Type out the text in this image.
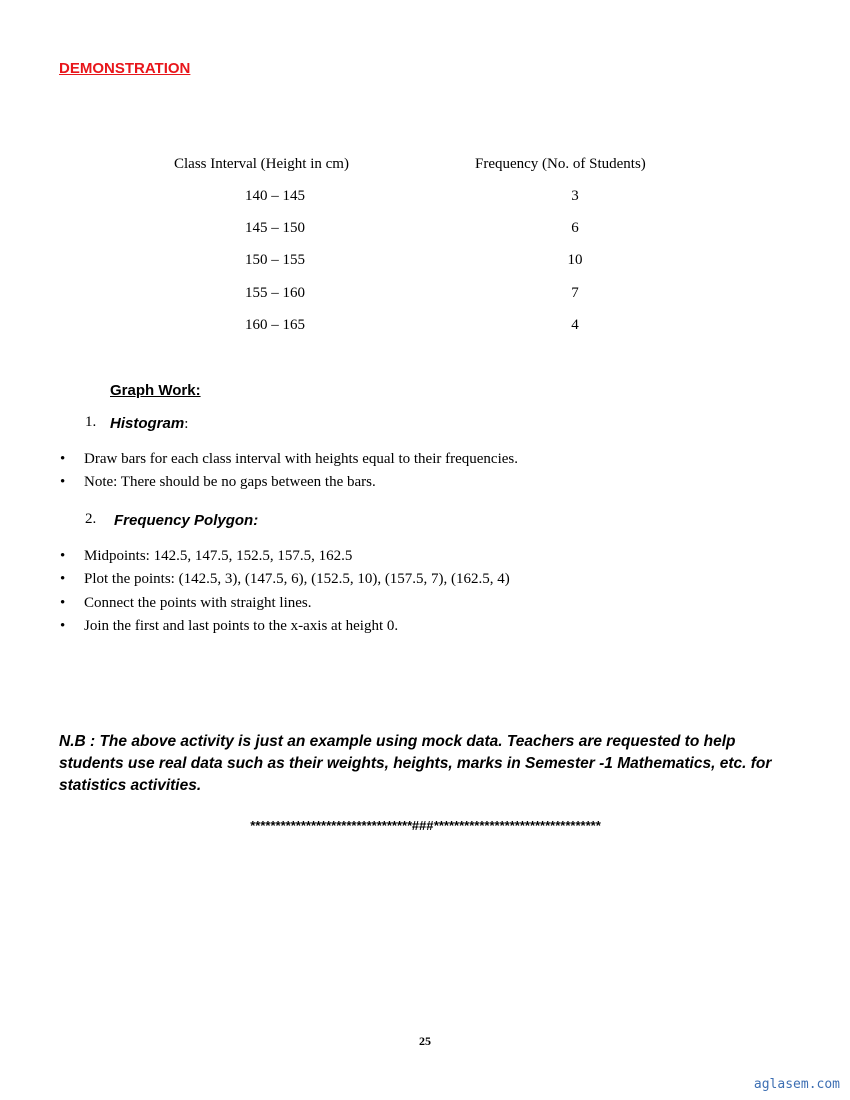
DEMONSTRATION
Class Interval (Height in cm)	Frequency (No. of Students)
140 – 145	3
145 – 150	6
150 – 155	10
155 – 160	7
160 – 165	4
Graph Work:
1. Histogram:
• Draw bars for each class interval with heights equal to their frequencies.
• Note: There should be no gaps between the bars.
2. Frequency Polygon:
• Midpoints: 142.5, 147.5, 152.5, 157.5, 162.5
• Plot the points: (142.5, 3), (147.5, 6), (152.5, 10), (157.5, 7), (162.5, 4)
• Connect the points with straight lines.
• Join the first and last points to the x-axis at height 0.
N.B : The above activity is just an example using mock data. Teachers are requested to help students use real data such as their weights, heights, marks in Semester -1 Mathematics, etc. for statistics activities.
********************************###*********************************
25
aglasem.com
